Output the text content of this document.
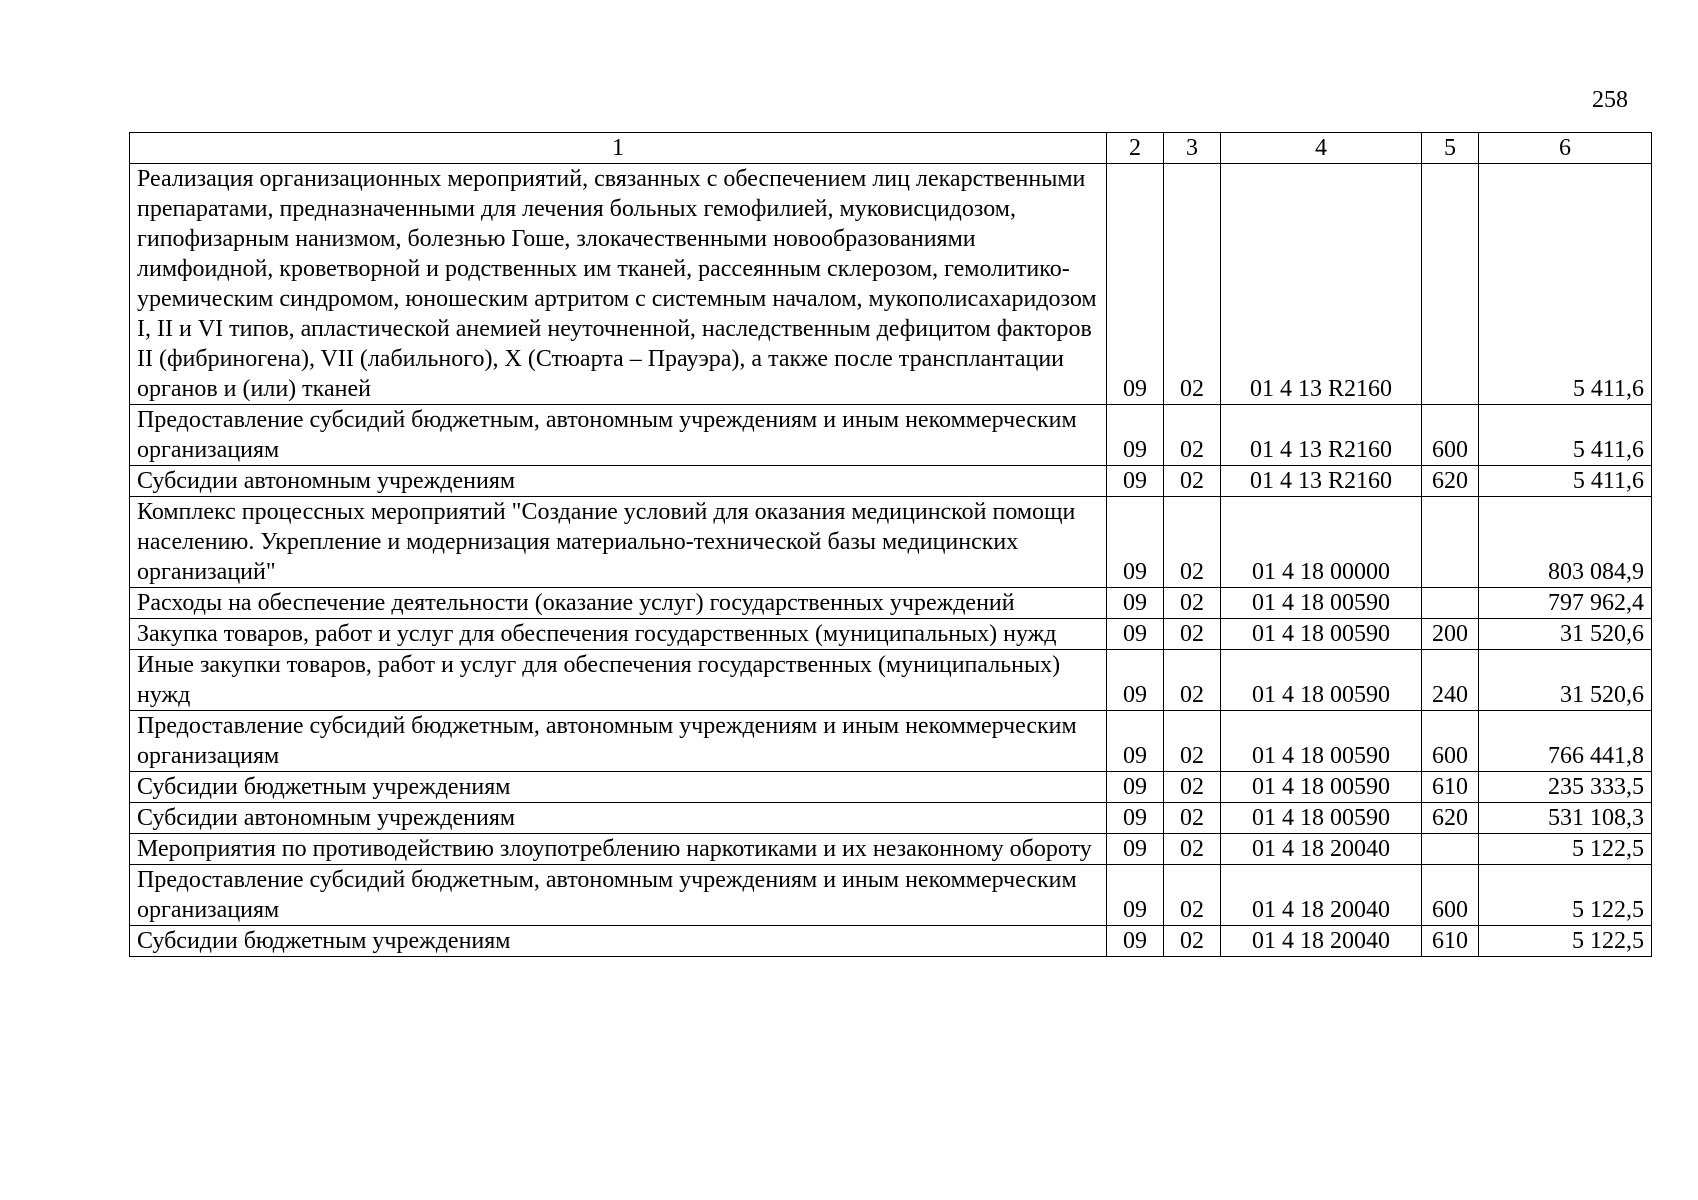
258
1	2	3	4	5	6
Реализация организационных мероприятий, связанных с обеспечением лиц лекарственными препаратами, предназначенными для лечения больных гемофилией, муковисцидозом, гипофизарным нанизмом, болезнью Гоше, злокачественными новообразованиями лимфоидной, кроветворной и родственных им тканей, рассеянным склерозом, гемолитико-уремическим синдромом, юношеским артритом с системным началом, мукополисахаридозом I, II и VI типов, апластической анемией неуточненной, наследственным дефицитом факторов II (фибриногена), VII (лабильного), X (Стюарта – Прауэра), а также после трансплантации органов и (или) тканей	09	02	01 4 13 R2160		5 411,6
Предоставление субсидий бюджетным, автономным учреждениям и иным некоммерческим организациям	09	02	01 4 13 R2160	600	5 411,6
Субсидии автономным учреждениям	09	02	01 4 13 R2160	620	5 411,6
Комплекс процессных мероприятий "Создание условий для оказания медицинской помощи населению. Укрепление и модернизация материально-технической базы медицинских организаций"	09	02	01 4 18 00000		803 084,9
Расходы на обеспечение деятельности (оказание услуг) государственных учреждений	09	02	01 4 18 00590		797 962,4
Закупка товаров, работ и услуг для обеспечения государственных (муниципальных) нужд	09	02	01 4 18 00590	200	31 520,6
Иные закупки товаров, работ и услуг для обеспечения государственных (муниципальных) нужд	09	02	01 4 18 00590	240	31 520,6
Предоставление субсидий бюджетным, автономным учреждениям и иным некоммерческим организациям	09	02	01 4 18 00590	600	766 441,8
Субсидии бюджетным учреждениям	09	02	01 4 18 00590	610	235 333,5
Субсидии автономным учреждениям	09	02	01 4 18 00590	620	531 108,3
Мероприятия по противодействию злоупотреблению наркотиками и их незаконному обороту	09	02	01 4 18 20040		5 122,5
Предоставление субсидий бюджетным, автономным учреждениям и иным некоммерческим организациям	09	02	01 4 18 20040	600	5 122,5
Субсидии бюджетным учреждениям	09	02	01 4 18 20040	610	5 122,5
